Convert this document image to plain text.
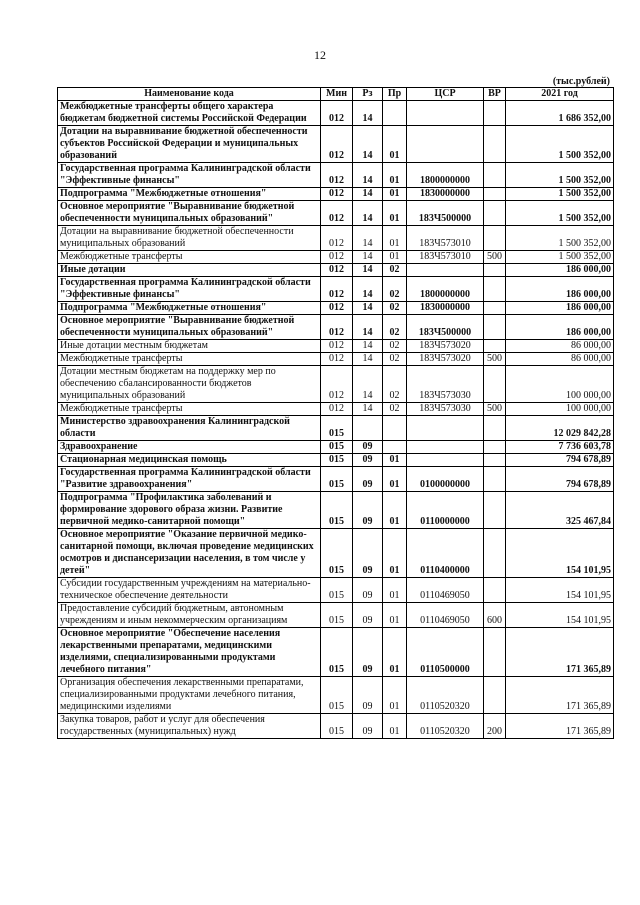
12
(тыс.рублей)
Наименование кода	Мин	Рз	Пр	ЦСР	ВР	2021 год
Межбюджетные трансферты общего характера бюджетам бюджетной системы Российской Федерации	012	14				1 686 352,00
Дотации на выравнивание бюджетной обеспеченности субъектов Российской Федерации и муниципальных образований	012	14	01			1 500 352,00
Государственная программа Калининградской области "Эффективные финансы"	012	14	01	1800000000		1 500 352,00
Подпрограмма "Межбюджетные отношения"	012	14	01	1830000000		1 500 352,00
Основное мероприятие "Выравнивание бюджетной обеспеченности муниципальных образований"	012	14	01	183Ч500000		1 500 352,00
Дотации на выравнивание бюджетной обеспеченности муниципальных образований	012	14	01	183Ч573010		1 500 352,00
Межбюджетные трансферты	012	14	01	183Ч573010	500	1 500 352,00
Иные дотации	012	14	02			186 000,00
Государственная программа Калининградской области "Эффективные финансы"	012	14	02	1800000000		186 000,00
Подпрограмма "Межбюджетные отношения"	012	14	02	1830000000		186 000,00
Основное мероприятие "Выравнивание бюджетной обеспеченности муниципальных образований"	012	14	02	183Ч500000		186 000,00
Иные дотации местным бюджетам	012	14	02	183Ч573020		86 000,00
Межбюджетные трансферты	012	14	02	183Ч573020	500	86 000,00
Дотации местным бюджетам на поддержку мер по обеспечению сбалансированности бюджетов муниципальных образований	012	14	02	183Ч573030		100 000,00
Межбюджетные трансферты	012	14	02	183Ч573030	500	100 000,00
Министерство здравоохранения Калининградской области	015					12 029 842,28
Здравоохранение	015	09				7 736 603,78
Стационарная медицинская помощь	015	09	01			794 678,89
Государственная программа Калининградской области "Развитие здравоохранения"	015	09	01	0100000000		794 678,89
Подпрограмма "Профилактика заболеваний и формирование здорового образа жизни. Развитие первичной медико-санитарной помощи"	015	09	01	0110000000		325 467,84
Основное мероприятие "Оказание первичной медико-санитарной помощи, включая проведение медицинских осмотров и диспансеризации населения, в том числе у детей"	015	09	01	0110400000		154 101,95
Субсидии государственным учреждениям на материально-техническое обеспечение деятельности	015	09	01	0110469050		154 101,95
Предоставление субсидий бюджетным, автономным учреждениям и иным некоммерческим организациям	015	09	01	0110469050	600	154 101,95
Основное мероприятие "Обеспечение населения лекарственными препаратами, медицинскими изделиями, специализированными продуктами лечебного питания"	015	09	01	0110500000		171 365,89
Организация обеспечения лекарственными препаратами, специализированными продуктами лечебного питания, медицинскими изделиями	015	09	01	0110520320		171 365,89
Закупка товаров, работ и услуг для обеспечения государственных (муниципальных) нужд	015	09	01	0110520320	200	171 365,89
